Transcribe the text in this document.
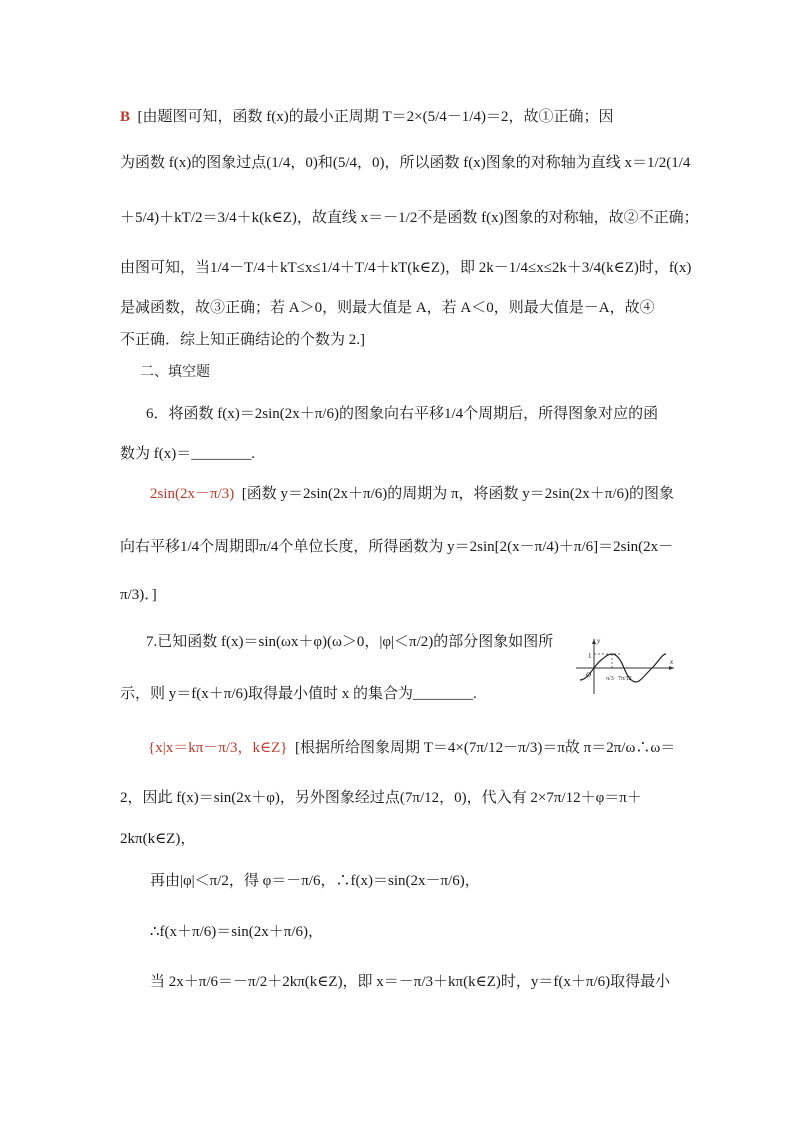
B [由题图可知，函数 f(x)的最小正周期 T＝2×(5/4－1/4)＝2，故①正确；因
为函数 f(x)的图象过点(1/4，0)和(5/4，0)，所以函数 f(x)图象的对称轴为直线 x＝1/2(1/4
＋5/4)＋kT/2＝3/4＋k(k∈Z)，故直线 x＝－1/2不是函数 f(x)图象的对称轴，故②不正确；
由图可知，当1/4－T/4＋kT≤x≤1/4＋T/4＋kT(k∈Z)，即 2k－1/4≤x≤2k＋3/4(k∈Z)时，f(x)
是减函数，故③正确；若 A＞0，则最大值是 A，若 A＜0，则最大值是－A，故④
不正确．综上知正确结论的个数为 2.]
二、填空题
6．将函数 f(x)＝2sin(2x＋π/6)的图象向右平移1/4个周期后，所得图象对应的函
数为 f(x)＝________.
2sin(2x－π/3) [函数 y＝2sin(2x＋π/6)的周期为 π，将函数 y＝2sin(2x＋π/6)的图象
向右平移1/4个周期即π/4个单位长度，所得函数为 y＝2sin[2(x－π/4)＋π/6]＝2sin(2x－
π/3)．]
7.已知函数 f(x)＝sin(ωx＋φ)(ω＞0，|φ|＜π/2)的部分图象如图所
示，则 y＝f(x＋π/6)取得最小值时 x 的集合为________.
1
y
x
O π/3 7π/12
{x|x＝kπ－π/3，k∈Z} [根据所给图象周期 T＝4×(7π/12－π/3)＝π故 π＝2π/ω∴ω＝
2，因此 f(x)＝sin(2x＋φ)，另外图象经过点(7π/12，0)，代入有 2×7π/12＋φ＝π＋
2kπ(k∈Z)，
再由|φ|＜π/2，得 φ＝－π/6，∴f(x)＝sin(2x－π/6)，
∴f(x＋π/6)＝sin(2x＋π/6)，
当 2x＋π/6＝－π/2＋2kπ(k∈Z)，即 x＝－π/3＋kπ(k∈Z)时，y＝f(x＋π/6)取得最小
